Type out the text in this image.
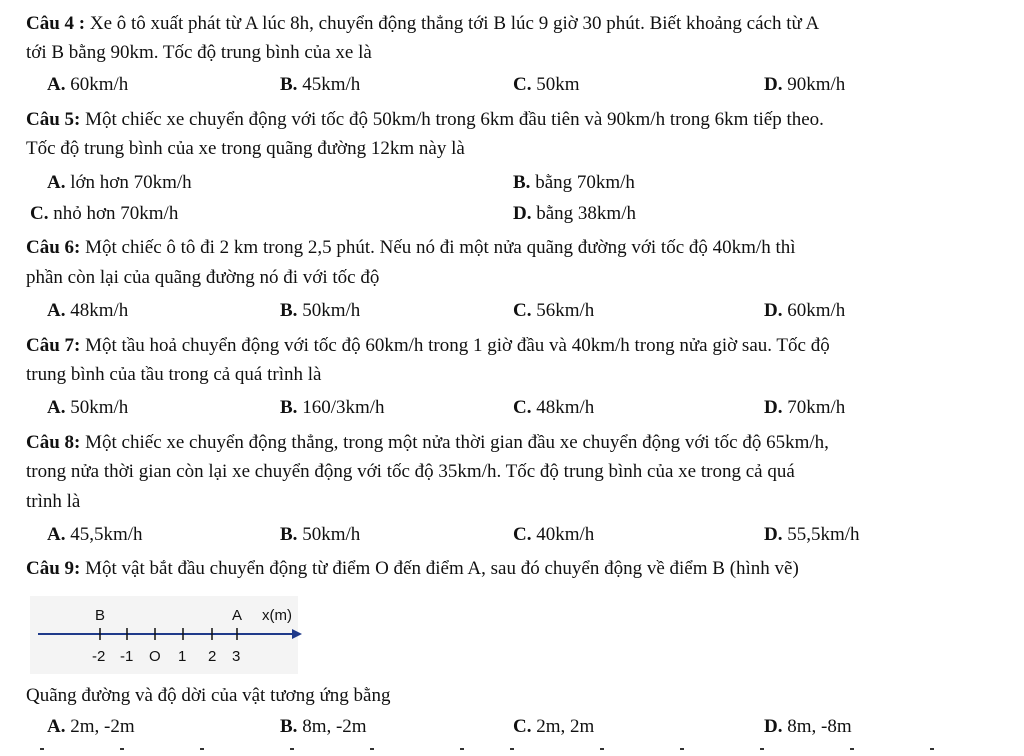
Câu 4 : Xe ô tô xuất phát từ A lúc 8h, chuyển động thẳng tới B lúc 9 giờ 30 phút. Biết khoảng cách từ A
tới B bằng 90km. Tốc độ trung bình của xe là
A. 60km/h	B. 45km/h	C. 50km	D. 90km/h
Câu 5: Một chiếc xe chuyển động với tốc độ 50km/h trong 6km đầu tiên và 90km/h trong 6km tiếp theo.
Tốc độ trung bình của xe trong quãng đường 12km này là
A. lớn hơn 70km/h	B. bằng 70km/h
C. nhỏ hơn 70km/h	D. bằng 38km/h
Câu 6: Một chiếc ô tô đi 2 km trong 2,5 phút. Nếu nó đi một nửa quãng đường với tốc độ 40km/h thì
phần còn lại của quãng đường nó đi với tốc độ
A. 48km/h	B. 50km/h	C. 56km/h	D. 60km/h
Câu 7: Một tầu hoả chuyển động với tốc độ 60km/h trong 1 giờ đầu và 40km/h trong nửa giờ sau. Tốc độ
trung bình của tầu trong cả quá trình là
A. 50km/h	B. 160/3km/h	C. 48km/h	D. 70km/h
Câu 8: Một chiếc xe chuyển động thẳng, trong một nửa thời gian đầu xe chuyển động với tốc độ 65km/h,
trong nửa thời gian còn lại xe chuyển động với tốc độ 35km/h. Tốc độ trung bình của xe trong cả quá
trình là
A. 45,5km/h	B. 50km/h	C. 40km/h	D. 55,5km/h
Câu 9: Một vật bắt đầu chuyển động từ điểm O đến điểm A, sau đó chuyển động về điểm B (hình vẽ)
B	A x(m)
-2 -1 O 1 2 3
Quãng đường và độ dời của vật tương ứng bằng
A. 2m, -2m	B. 8m, -2m	C. 2m, 2m	D. 8m, -8m
